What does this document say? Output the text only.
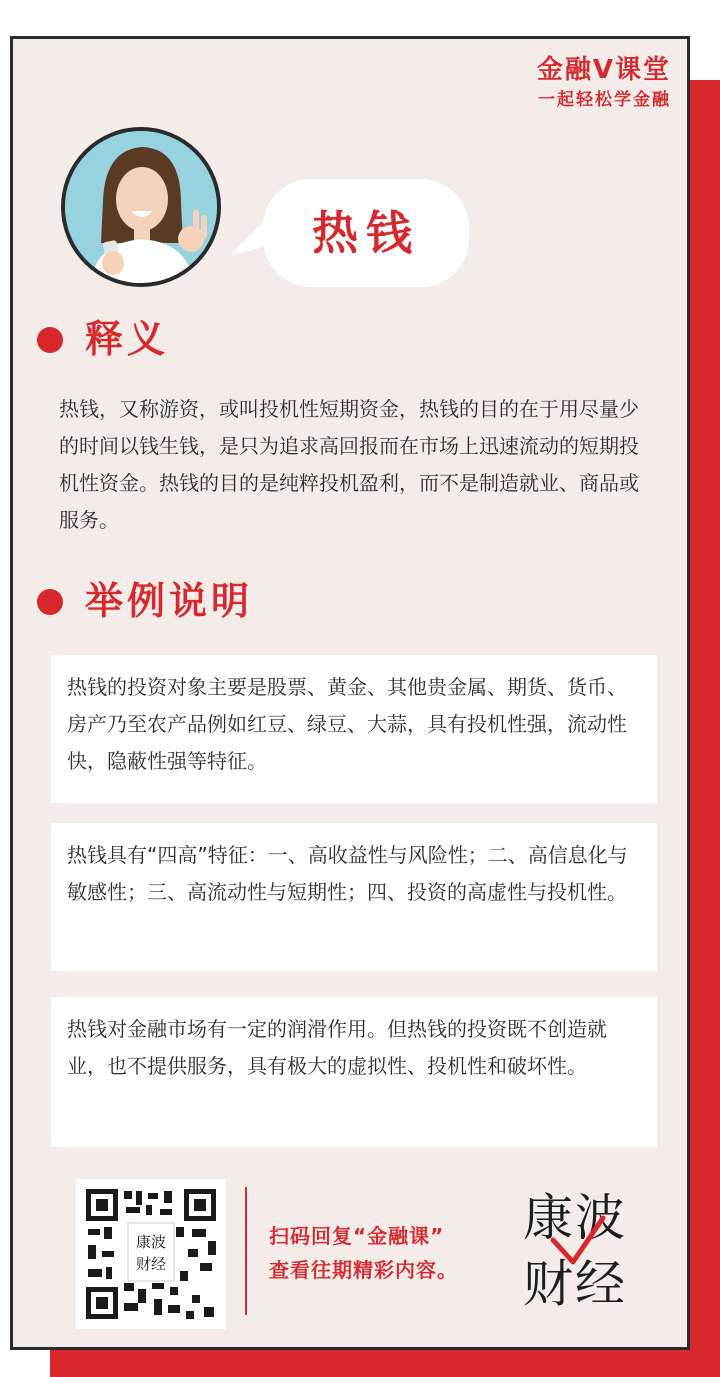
金融V课堂
一起轻松学金融
热钱
释义
热钱，又称游资，或叫投机性短期资金，热钱的目的在于用尽量少的时间以钱生钱，是只为追求高回报而在市场上迅速流动的短期投机性资金。热钱的目的是纯粹投机盈利，而不是制造就业、商品或服务。
举例说明
热钱的投资对象主要是股票、黄金、其他贵金属、期货、货币、房产乃至农产品例如红豆、绿豆、大蒜，具有投机性强，流动性快，隐蔽性强等特征。
热钱具有“四高”特征：一、高收益性与风险性；二、高信息化与敏感性；三、高流动性与短期性；四、投资的高虚性与投机性。
热钱对金融市场有一定的润滑作用。但热钱的投资既不创造就业，也不提供服务，具有极大的虚拟性、投机性和破坏性。
康波
财经
扫码回复“金融课”
查看往期精彩内容。
康波
财经
